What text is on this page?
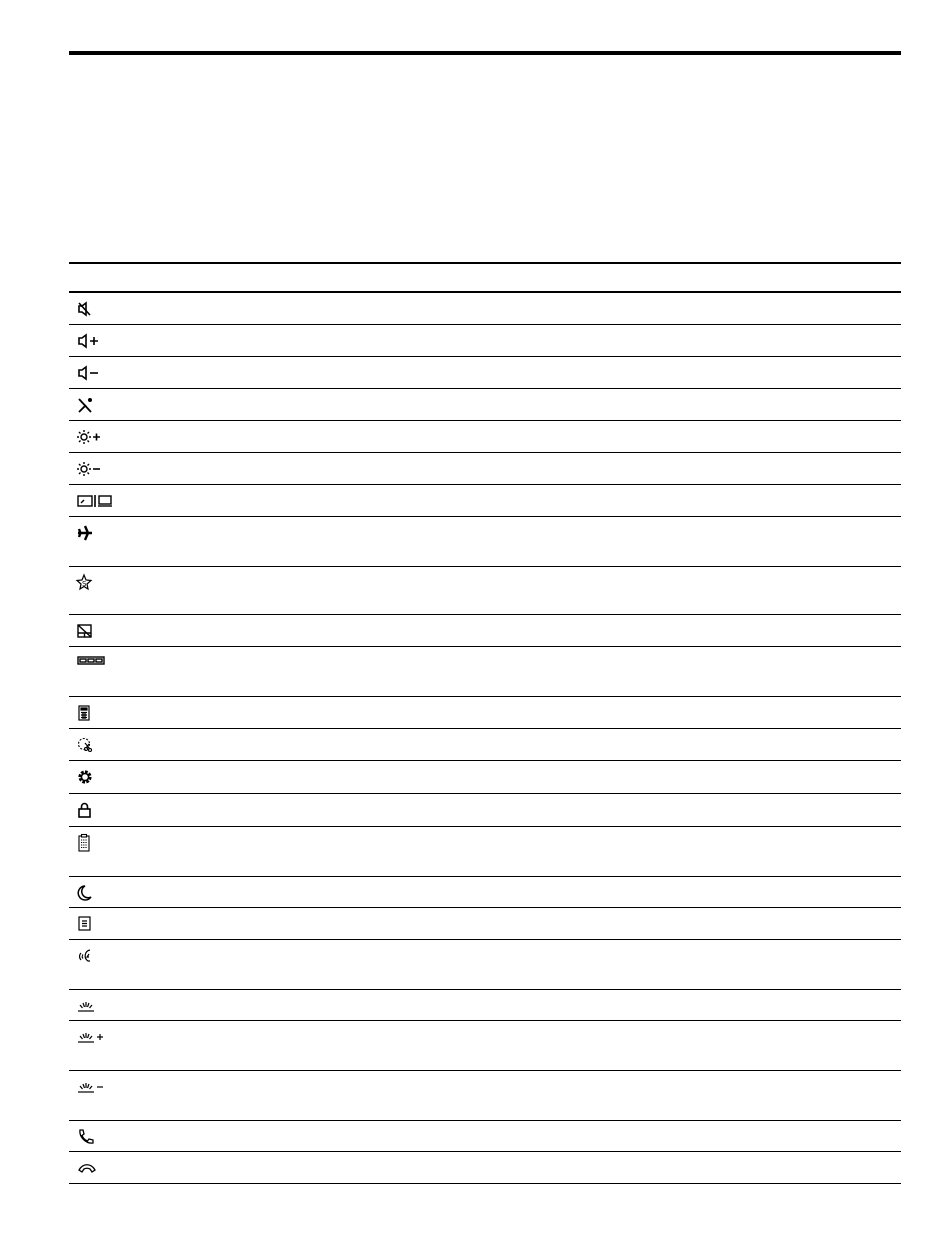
S
